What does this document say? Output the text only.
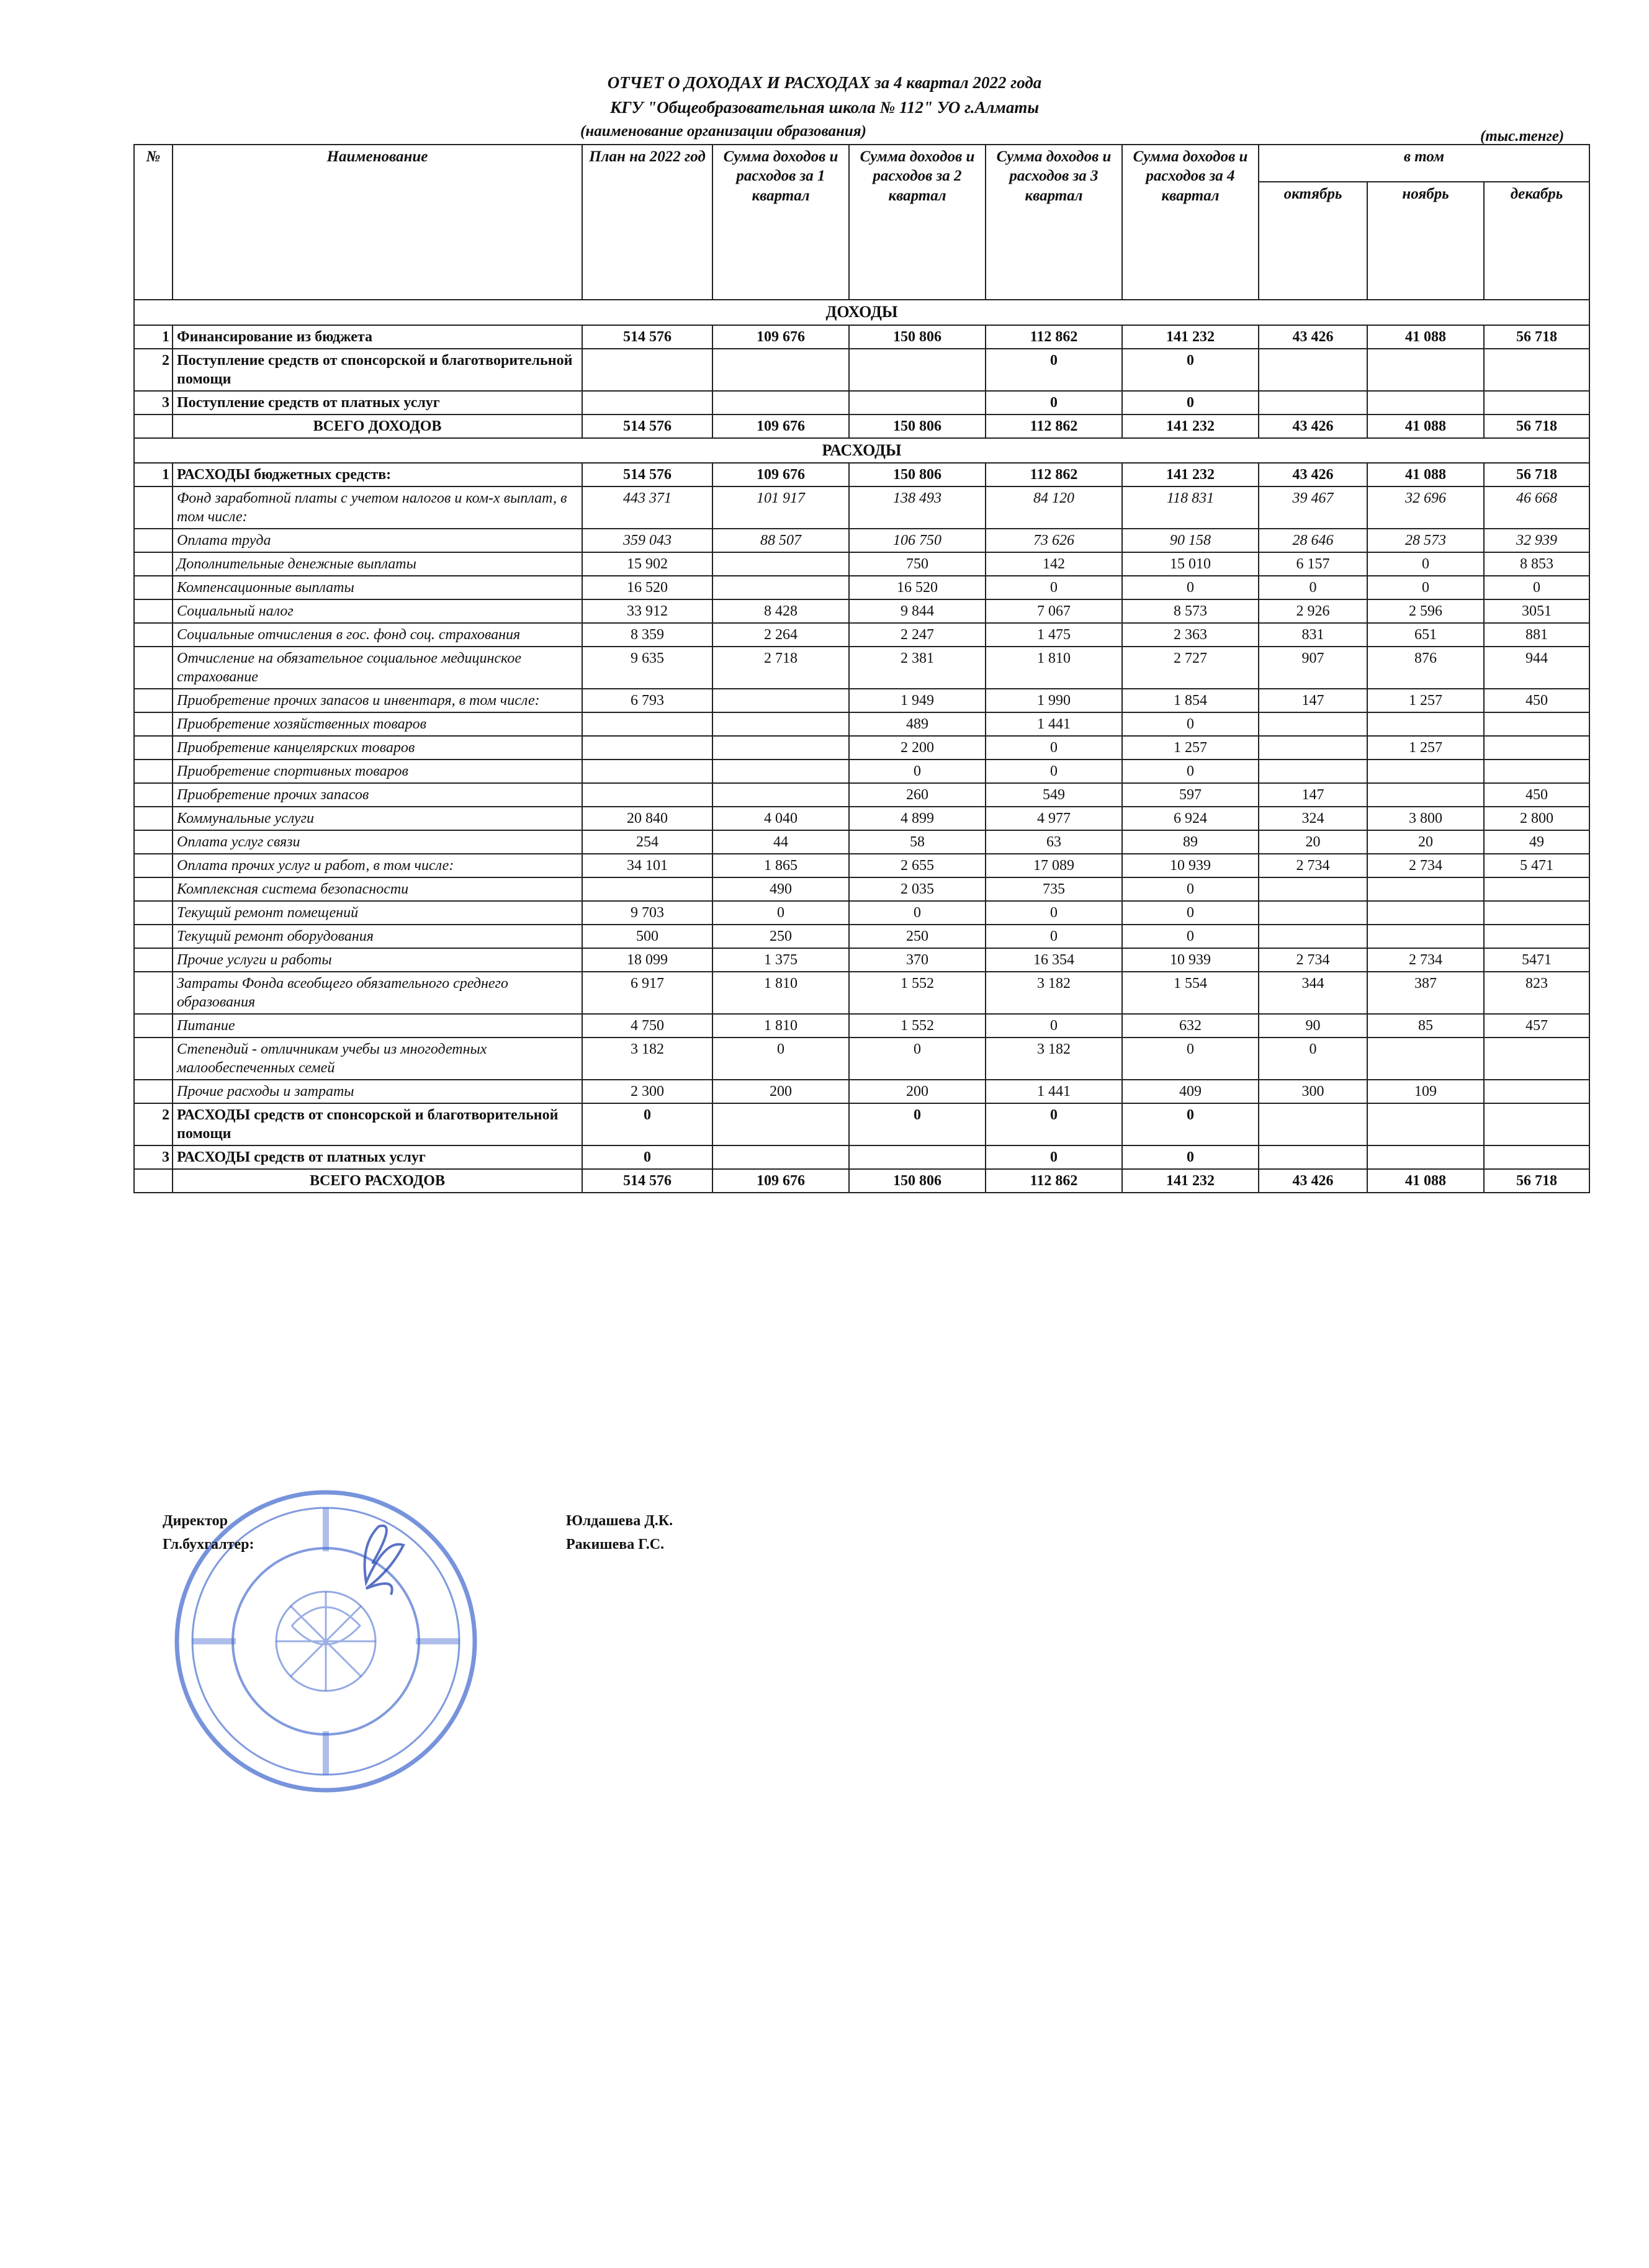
ОТЧЕТ О ДОХОДАХ И РАСХОДАХ за 4 квартал 2022 года
КГУ "Общеобразовательная школа № 112" УО г.Алматы
(наименование организации образования)	(тыс.тенге)
№	Наименование	План на 2022 год	Сумма доходов и расходов за 1 квартал	Сумма доходов и расходов за 2 квартал	Сумма доходов и расходов за 3 квартал	Сумма доходов и расходов за 4 квартал	в том		
							октябрь	ноябрь	декабрь
ДОХОДЫ									
1	Финансирование из бюджета	514 576	109 676	150 806	112 862	141 232	43 426	41 088	56 718
2	Поступление средств от спонсорской и благотворительной помощи				0	0			
3	Поступление средств от платных услуг				0	0			
	ВСЕГО ДОХОДОВ	514 576	109 676	150 806	112 862	141 232	43 426	41 088	56 718
РАСХОДЫ									
1	РАСХОДЫ бюджетных средств:	514 576	109 676	150 806	112 862	141 232	43 426	41 088	56 718
	Фонд заработной платы с учетом налогов и ком-х выплат, в том числе:	443 371	101 917	138 493	84 120	118 831	39 467	32 696	46 668
	Оплата труда	359 043	88 507	106 750	73 626	90 158	28 646	28 573	32 939
	Дополнительные денежные выплаты	15 902		750	142	15 010	6 157	0	8 853
	Компенсационные выплаты	16 520		16 520	0	0	0	0	0
	Социальный налог	33 912	8 428	9 844	7 067	8 573	2 926	2 596	3051
	Социальные отчисления в гос. фонд соц. страхования	8 359	2 264	2 247	1 475	2 363	831	651	881
	Отчисление на обязательное социальное медицинское страхование	9 635	2 718	2 381	1 810	2 727	907	876	944
	Приобретение прочих запасов и инвентаря, в том числе:	6 793		1 949	1 990	1 854	147	1 257	450
	Приобретение хозяйственных товаров			489	1 441	0			
	Приобретение канцелярских товаров			2 200	0	1 257		1 257	
	Приобретение спортивных товаров			0	0	0			
	Приобретение прочих запасов			260	549	597	147		450
	Коммунальные услуги	20 840	4 040	4 899	4 977	6 924	324	3 800	2 800
	Оплата услуг связи	254	44	58	63	89	20	20	49
	Оплата прочих услуг и работ, в том числе:	34 101	1 865	2 655	17 089	10 939	2 734	2 734	5 471
	Комплексная система безопасности		490	2 035	735	0			
	Текущий ремонт помещений	9 703	0	0	0	0			
	Текущий ремонт оборудования	500	250	250	0	0			
	Прочие услуги и работы	18 099	1 375	370	16 354	10 939	2 734	2 734	5471
	Затраты Фонда всеобщего обязательного среднего образования	6 917	1 810	1 552	3 182	1 554	344	387	823
	Питание	4 750	1 810	1 552	0	632	90	85	457
	Степендий - отличникам учебы из многодетных малообеспеченных семей	3 182	0	0	3 182	0	0		
	Прочие расходы и затраты	2 300	200	200	1 441	409	300	109	
2	РАСХОДЫ средств от спонсорской и благотворительной помощи	0		0	0	0			
3	РАСХОДЫ средств от платных услуг	0			0	0			
	ВСЕГО РАСХОДОВ	514 576	109 676	150 806	112 862	141 232	43 426	41 088	56 718
Директор
Гл.бухгалтер:
Юлдашева Д.К.
Ракишева Г.С.
